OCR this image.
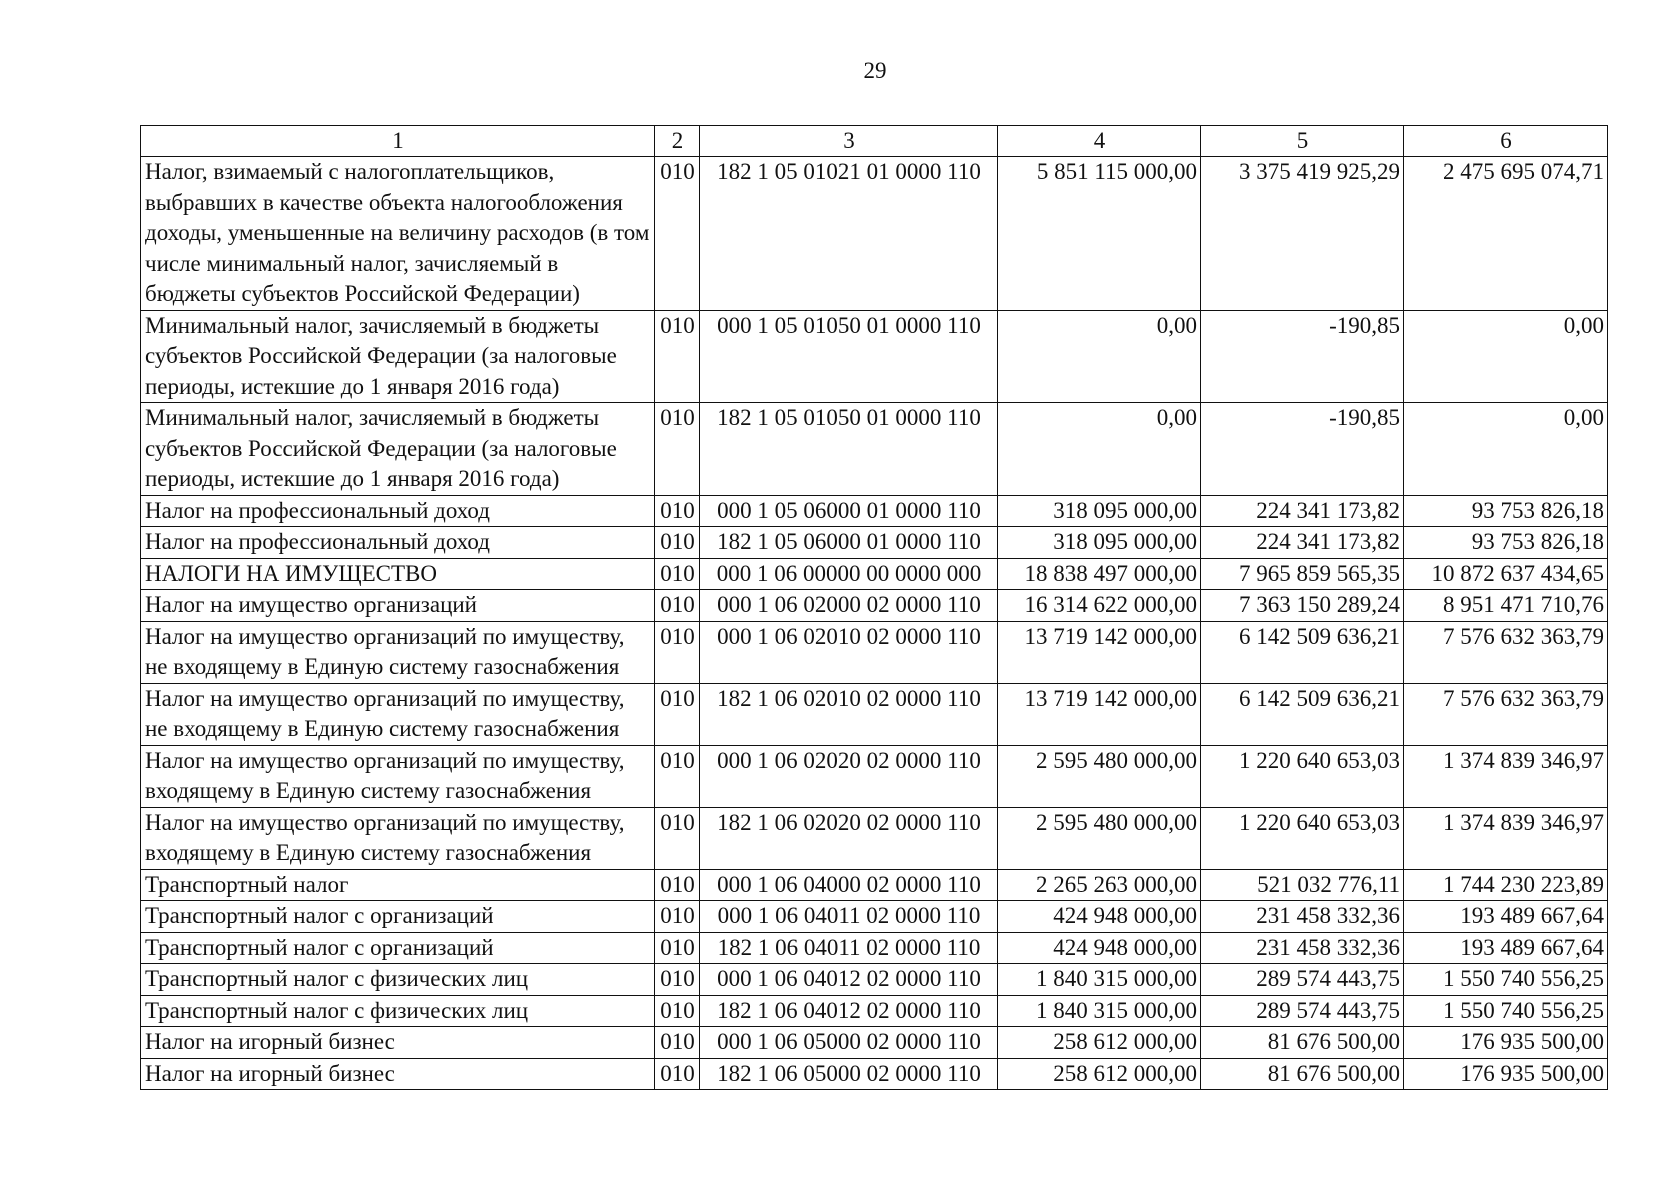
29
1	2	3	4	5	6
Налог, взимаемый с налогоплательщиков, выбравших в качестве объекта налогообложения доходы, уменьшенные на величину расходов (в том числе минимальный налог, зачисляемый в бюджеты субъектов Российской Федерации)	010	182 1 05 01021 01 0000 110	5 851 115 000,00	3 375 419 925,29	2 475 695 074,71
Минимальный налог, зачисляемый в бюджеты субъектов Российской Федерации (за налоговые периоды, истекшие до 1 января 2016 года)	010	000 1 05 01050 01 0000 110	0,00	-190,85	0,00
Минимальный налог, зачисляемый в бюджеты субъектов Российской Федерации (за налоговые периоды, истекшие до 1 января 2016 года)	010	182 1 05 01050 01 0000 110	0,00	-190,85	0,00
Налог на профессиональный доход	010	000 1 05 06000 01 0000 110	318 095 000,00	224 341 173,82	93 753 826,18
Налог на профессиональный доход	010	182 1 05 06000 01 0000 110	318 095 000,00	224 341 173,82	93 753 826,18
НАЛОГИ НА ИМУЩЕСТВО	010	000 1 06 00000 00 0000 000	18 838 497 000,00	7 965 859 565,35	10 872 637 434,65
Налог на имущество организаций	010	000 1 06 02000 02 0000 110	16 314 622 000,00	7 363 150 289,24	8 951 471 710,76
Налог на имущество организаций по имуществу, не входящему в Единую систему газоснабжения	010	000 1 06 02010 02 0000 110	13 719 142 000,00	6 142 509 636,21	7 576 632 363,79
Налог на имущество организаций по имуществу, не входящему в Единую систему газоснабжения	010	182 1 06 02010 02 0000 110	13 719 142 000,00	6 142 509 636,21	7 576 632 363,79
Налог на имущество организаций по имуществу, входящему в Единую систему газоснабжения	010	000 1 06 02020 02 0000 110	2 595 480 000,00	1 220 640 653,03	1 374 839 346,97
Налог на имущество организаций по имуществу, входящему в Единую систему газоснабжения	010	182 1 06 02020 02 0000 110	2 595 480 000,00	1 220 640 653,03	1 374 839 346,97
Транспортный налог	010	000 1 06 04000 02 0000 110	2 265 263 000,00	521 032 776,11	1 744 230 223,89
Транспортный налог с организаций	010	000 1 06 04011 02 0000 110	424 948 000,00	231 458 332,36	193 489 667,64
Транспортный налог с организаций	010	182 1 06 04011 02 0000 110	424 948 000,00	231 458 332,36	193 489 667,64
Транспортный налог с физических лиц	010	000 1 06 04012 02 0000 110	1 840 315 000,00	289 574 443,75	1 550 740 556,25
Транспортный налог с физических лиц	010	182 1 06 04012 02 0000 110	1 840 315 000,00	289 574 443,75	1 550 740 556,25
Налог на игорный бизнес	010	000 1 06 05000 02 0000 110	258 612 000,00	81 676 500,00	176 935 500,00
Налог на игорный бизнес	010	182 1 06 05000 02 0000 110	258 612 000,00	81 676 500,00	176 935 500,00
